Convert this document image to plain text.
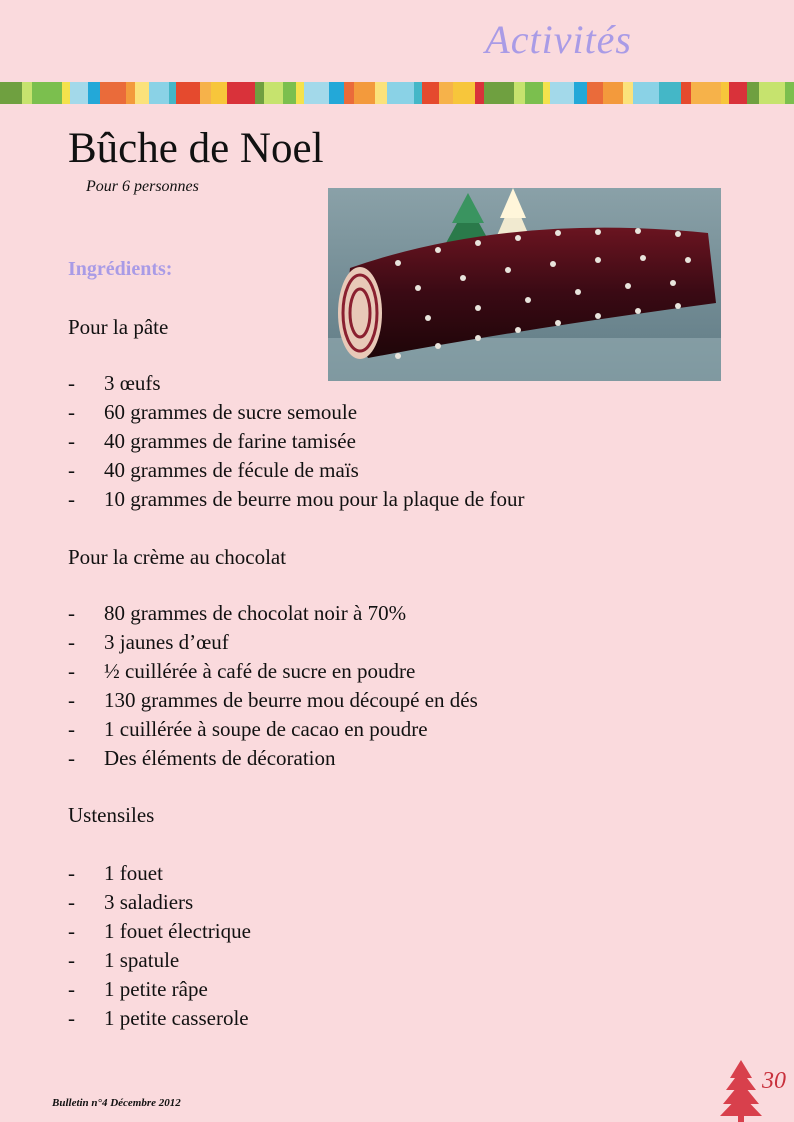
Activités
Bûche de Noel
Pour 6 personnes
Ingrédients:
Pour la pâte
- 3 œufs
- 60 grammes de sucre semoule
- 40 grammes de farine tamisée
- 40 grammes de fécule de maïs
- 10 grammes de beurre mou pour la plaque de four
Pour la crème au chocolat
- 80 grammes de chocolat noir à 70%
- 3 jaunes d’œuf
- ½ cuillérée à café de sucre en poudre
- 130 grammes de beurre mou découpé en dés
- 1 cuillérée à soupe de cacao en poudre
- Des éléments de décoration
Ustensiles
- 1 fouet
- 3 saladiers
- 1 fouet électrique
- 1 spatule
- 1 petite râpe
- 1 petite casserole
Bulletin n°4 Décembre 2012
30
